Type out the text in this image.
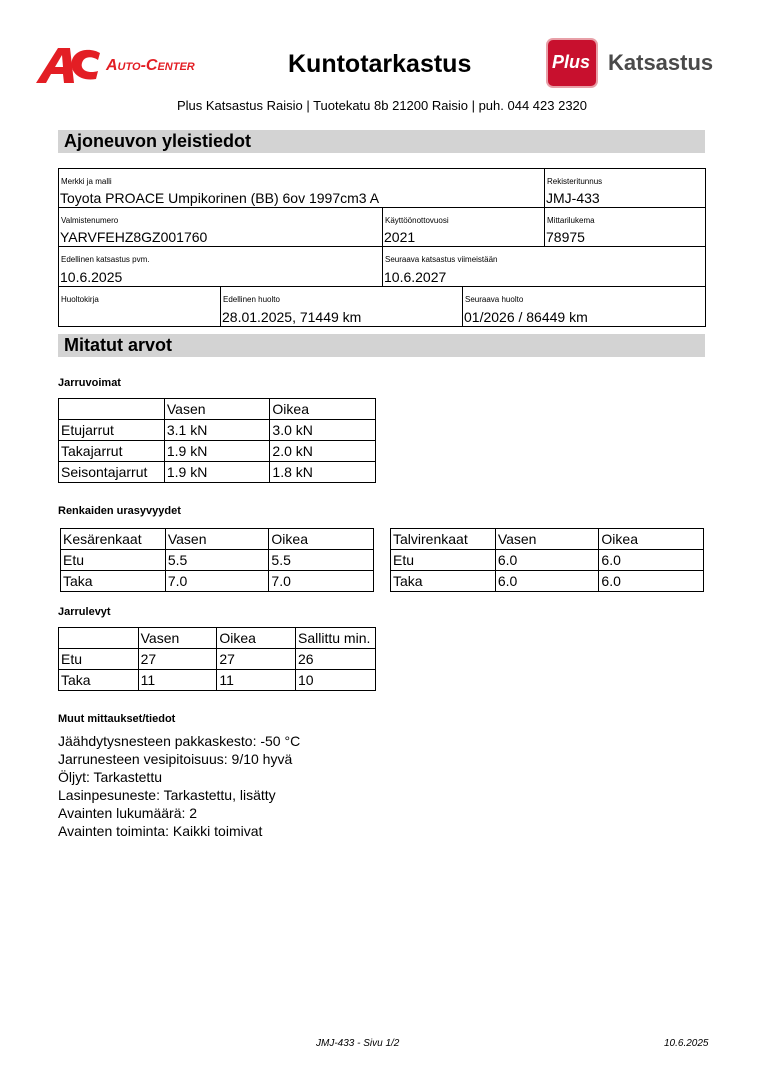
Auto-Center	Kuntotarkastus	Plus Katsastus
Plus Katsastus Raisio | Tuotekatu 8b 21200 Raisio | puh. 044 423 2320
Ajoneuvon yleistiedot
Merkki ja malli
Toyota PROACE Umpikorinen (BB) 6ov 1997cm3 A
Rekisteritunnus
JMJ-433
Valmistenumero
YARVFEHZ8GZ001760
Käyttöönottovuosi
2021
Mittarilukema
78975
Edellinen katsastus pvm.
10.6.2025
Seuraava katsastus viimeistään
10.6.2027
Huoltokirja	Edellinen huolto
28.01.2025, 71449 km
Seuraava huolto
01/2026 / 86449 km
Mitatut arvot
Jarruvoimat
	Vasen	Oikea
Etujarrut	3.1 kN	3.0 kN
Takajarrut	1.9 kN	2.0 kN
Seisontajarrut	1.9 kN	1.8 kN
Renkaiden urasyvyydet
Kesärenkaat	Vasen	Oikea
Etu	5.5	5.5
Taka	7.0	7.0
Talvirenkaat	Vasen	Oikea
Etu	6.0	6.0
Taka	6.0	6.0
Jarrulevyt
	Vasen	Oikea	Sallittu min.
Etu	27	27	26
Taka	11	11	10
Muut mittaukset/tiedot
Jäähdytysnesteen pakkaskesto: -50 °C
Jarrunesteen vesipitoisuus: 9/10 hyvä
Öljyt: Tarkastettu
Lasinpesuneste: Tarkastettu, lisätty
Avainten lukumäärä: 2
Avainten toiminta: Kaikki toimivat
JMJ-433 - Sivu 1/2	10.6.2025
